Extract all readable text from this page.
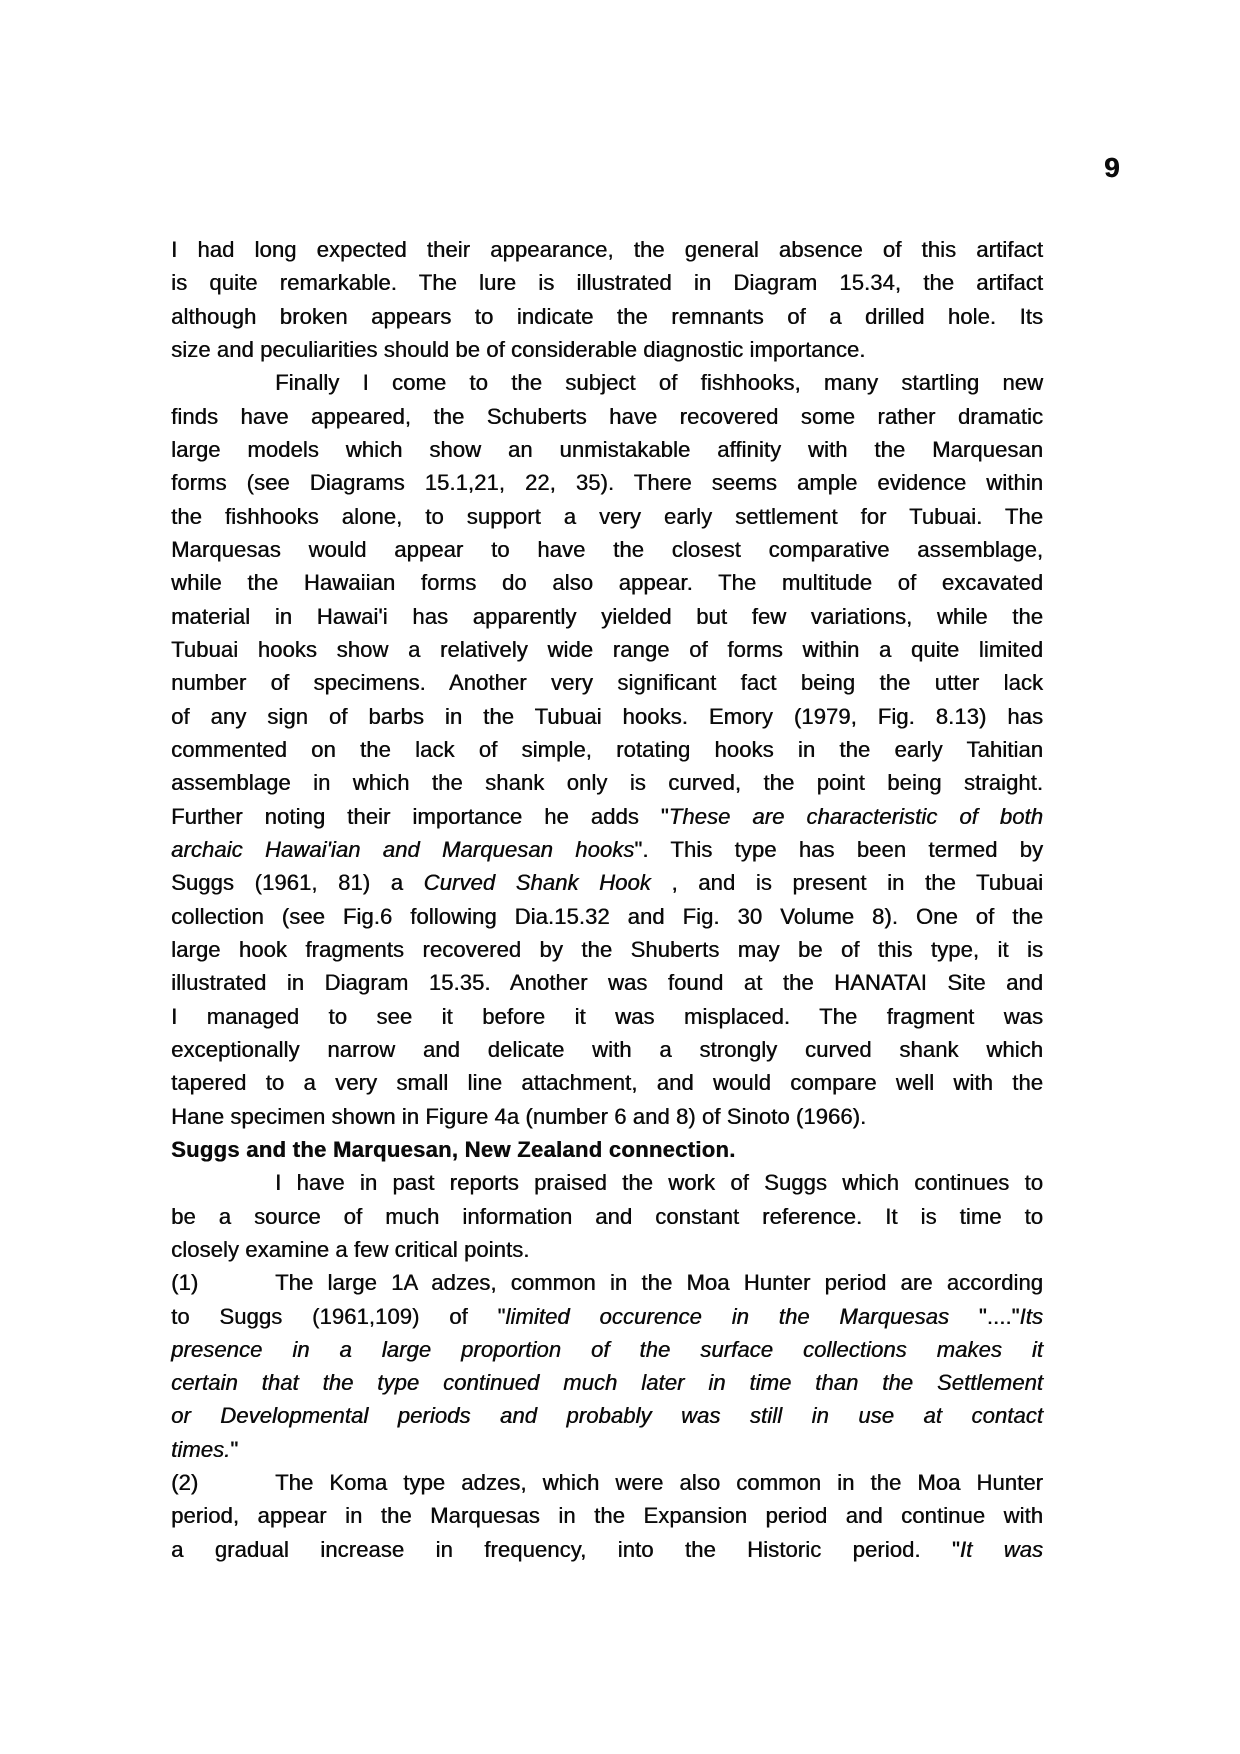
9
I had long expected their appearance, the general absence of this artifact
is quite remarkable. The lure is illustrated in Diagram 15.34, the artifact
although broken appears to indicate the remnants of a drilled hole. Its
size and peculiarities should be of considerable diagnostic importance.
Finally I come to the subject of fishhooks, many startling new
finds have appeared, the Schuberts have recovered some rather dramatic
large models which show an unmistakable affinity with the Marquesan
forms (see Diagrams 15.1,21, 22, 35). There seems ample evidence within
the fishhooks alone, to support a very early settlement for Tubuai. The
Marquesas would appear to have the closest comparative assemblage,
while the Hawaiian forms do also appear. The multitude of excavated
material in Hawai'i has apparently yielded but few variations, while the
Tubuai hooks show a relatively wide range of forms within a quite limited
number of specimens. Another very significant fact being the utter lack
of any sign of barbs in the Tubuai hooks. Emory (1979, Fig. 8.13) has
commented on the lack of simple, rotating hooks in the early Tahitian
assemblage in which the shank only is curved, the point being straight.
Further noting their importance he adds "These are characteristic of both
archaic Hawai'ian and Marquesan hooks". This type has been termed by
Suggs (1961, 81) a Curved Shank Hook , and is present in the Tubuai
collection (see Fig.6 following Dia.15.32 and Fig. 30 Volume 8). One of the
large hook fragments recovered by the Shuberts may be of this type, it is
illustrated in Diagram 15.35. Another was found at the HANATAI Site and
I managed to see it before it was misplaced. The fragment was
exceptionally narrow and delicate with a strongly curved shank which
tapered to a very small line attachment, and would compare well with the
Hane specimen shown in Figure 4a (number 6 and 8) of Sinoto (1966).
Suggs and the Marquesan, New Zealand connection.
I have in past reports praised the work of Suggs which continues to
be a source of much information and constant reference. It is time to
closely examine a few critical points.
(1)	The large 1A adzes, common in the Moa Hunter period are according
to Suggs (1961,109) of "limited occurence in the Marquesas "...."Its
presence in a large proportion of the surface collections makes it
certain that the type continued much later in time than the Settlement
or Developmental periods and probably was still in use at contact
times."
(2)	The Koma type adzes, which were also common in the Moa Hunter
period, appear in the Marquesas in the Expansion period and continue with
a gradual increase in frequency, into the Historic period. "It was
